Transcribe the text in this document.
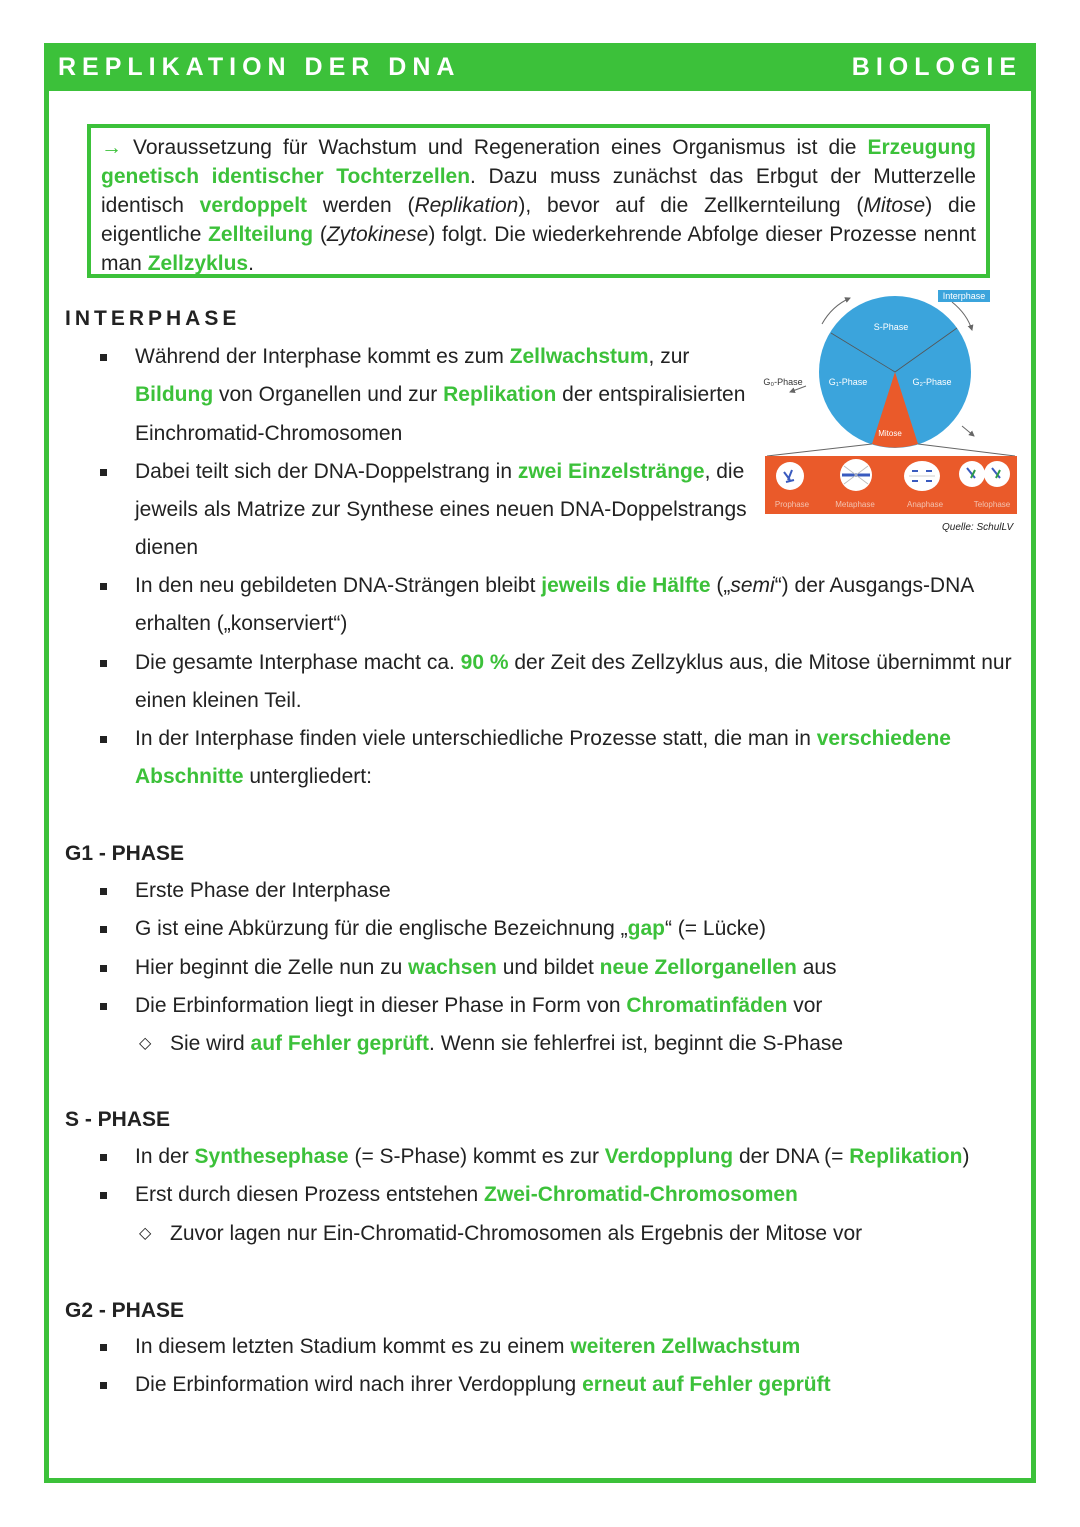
REPLIKATION DER DNA	BIOLOGIE
→ Voraussetzung für Wachstum und Regeneration eines Organismus ist die Erzeugung genetisch identischer Tochterzellen. Dazu muss zunächst das Erbgut der Mutterzelle identisch verdoppelt werden (Replikation), bevor auf die Zellkernteilung (Mitose) die eigentliche Zellteilung (Zytokinese) folgt. Die wiederkehrende Abfolge dieser Prozesse nennt man Zellzyklus.
INTERPHASE
Während der Interphase kommt es zum Zellwachstum, zur Bildung von Organellen und zur Replikation der entspiralisierten Einchromatid-Chromosomen
Dabei teilt sich der DNA-Doppelstrang in zwei Einzelstränge, die jeweils als Matrize zur Synthese eines neuen DNA-Doppelstrangs dienen
In den neu gebildeten DNA-Strängen bleibt jeweils die Hälfte („semi“) der Ausgangs-DNA erhalten („konserviert“)
Die gesamte Interphase macht ca. 90 % der Zeit des Zellzyklus aus, die Mitose übernimmt nur einen kleinen Teil.
In der Interphase finden viele unterschiedliche Prozesse statt, die man in verschiedene Abschnitte untergliedert:
Interphase
S-Phase
G₁-Phase	G₂-Phase
G₀-Phase
Mitose
Prophase	Metaphase	Anaphase	Telophase
Quelle: SchulLV
G1 - PHASE
Erste Phase der Interphase
G ist eine Abkürzung für die englische Bezeichnung „gap“ (= Lücke)
Hier beginnt die Zelle nun zu wachsen und bildet neue Zellorganellen aus
Die Erbinformation liegt in dieser Phase in Form von Chromatinfäden vor
◇ Sie wird auf Fehler geprüft. Wenn sie fehlerfrei ist, beginnt die S-Phase
S - PHASE
In der Synthesephase (= S-Phase) kommt es zur Verdopplung der DNA (= Replikation)
Erst durch diesen Prozess entstehen Zwei-Chromatid-Chromosomen
◇ Zuvor lagen nur Ein-Chromatid-Chromosomen als Ergebnis der Mitose vor
G2 - PHASE
In diesem letzten Stadium kommt es zu einem weiteren Zellwachstum
Die Erbinformation wird nach ihrer Verdopplung erneut auf Fehler geprüft
